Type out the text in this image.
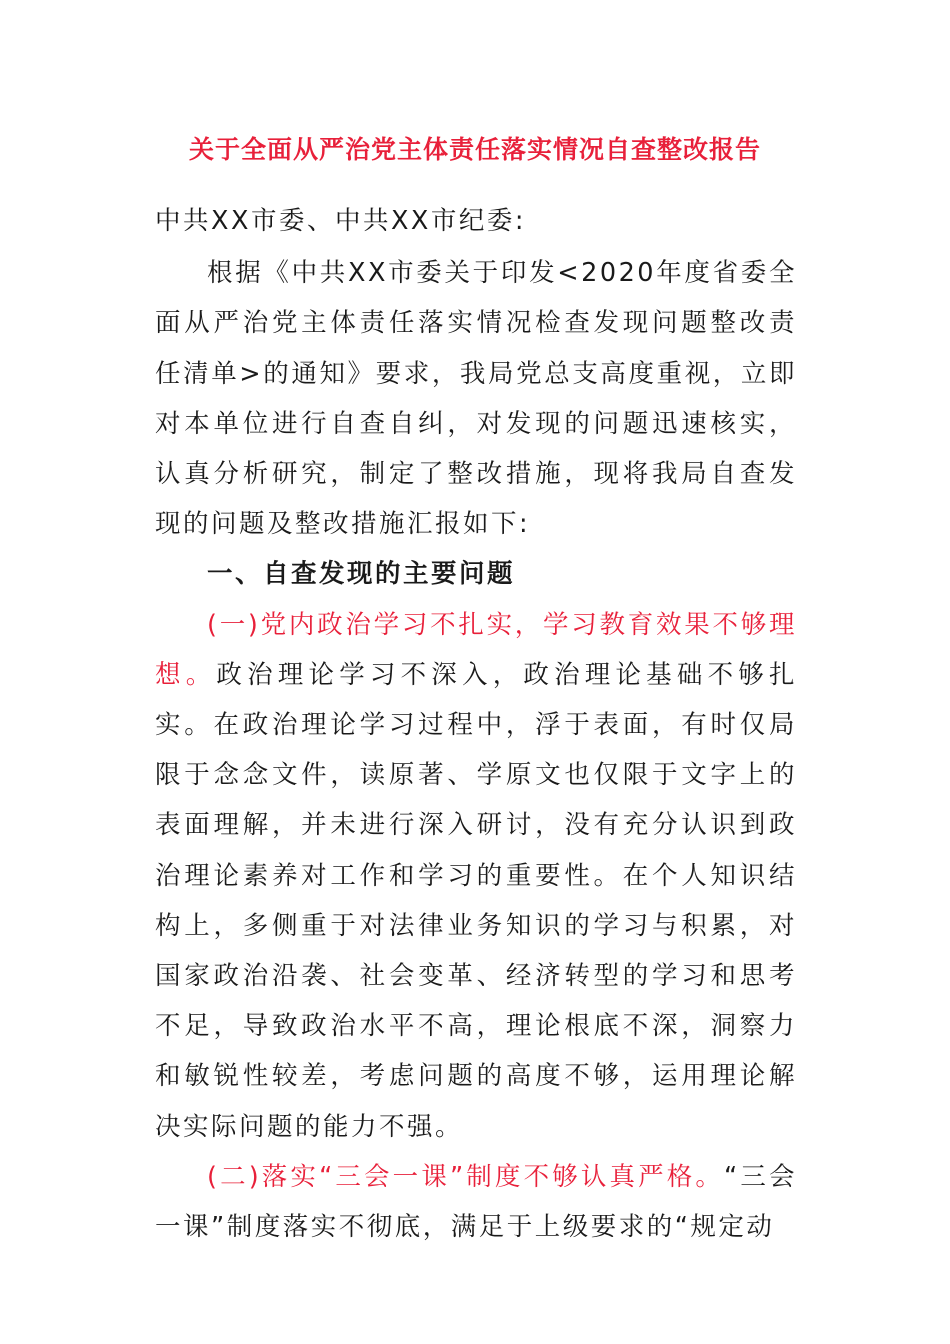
关于全面从严治党主体责任落实情况自查整改报告

中共XX市委、中共XX市纪委:

根据《中共XX市委关于印发<2020年度省委全面从严治党主体责任落实情况检查发现问题整改责任清单>的通知》要求，我局党总支高度重视，立即对本单位进行自查自纠，对发现的问题迅速核实，认真分析研究，制定了整改措施，现将我局自查发现的问题及整改措施汇报如下:

一、自查发现的主要问题

(一)党内政治学习不扎实，学习教育效果不够理想。政治理论学习不深入，政治理论基础不够扎实。在政治理论学习过程中，浮于表面，有时仅局限于念念文件，读原著、学原文也仅限于文字上的表面理解，并未进行深入研讨，没有充分认识到政治理论素养对工作和学习的重要性。在个人知识结构上，多侧重于对法律业务知识的学习与积累，对国家政治沿袭、社会变革、经济转型的学习和思考不足，导致政治水平不高，理论根底不深，洞察力和敏锐性较差，考虑问题的高度不够，运用理论解决实际问题的能力不强。

(二)落实“三会一课”制度不够认真严格。“三会一课”制度落实不彻底，满足于上级要求的“规定动
